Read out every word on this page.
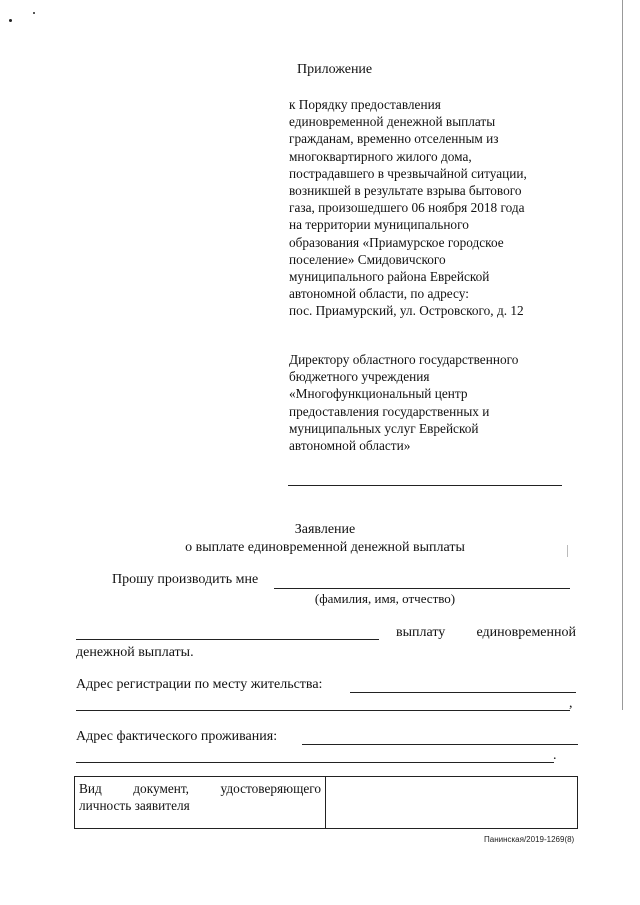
Приложение
к Порядку предоставления
единовременной денежной выплаты
гражданам, временно отселенным из
многоквартирного жилого дома,
пострадавшего в чрезвычайной ситуации,
возникшей в результате взрыва бытового
газа, произошедшего 06 ноября 2018 года
на территории муниципального
образования «Приамурское городское
поселение» Смидовичского
муниципального района Еврейской
автономной области, по адресу:
пос. Приамурский, ул. Островского, д. 12
Директору областного государственного
бюджетного учреждения
«Многофункциональный центр
предоставления государственных и
муниципальных услуг Еврейской
автономной области»
Заявление
о выплате единовременной денежной выплаты
Прошу производить мне
(фамилия, имя, отчество)
выплату единовременной
денежной выплаты.
Адрес регистрации по месту жительства:
,
Адрес фактического проживания:
.
Вид документ, удостоверяющего
личность заявителя
Панинская/2019-1269(8)
